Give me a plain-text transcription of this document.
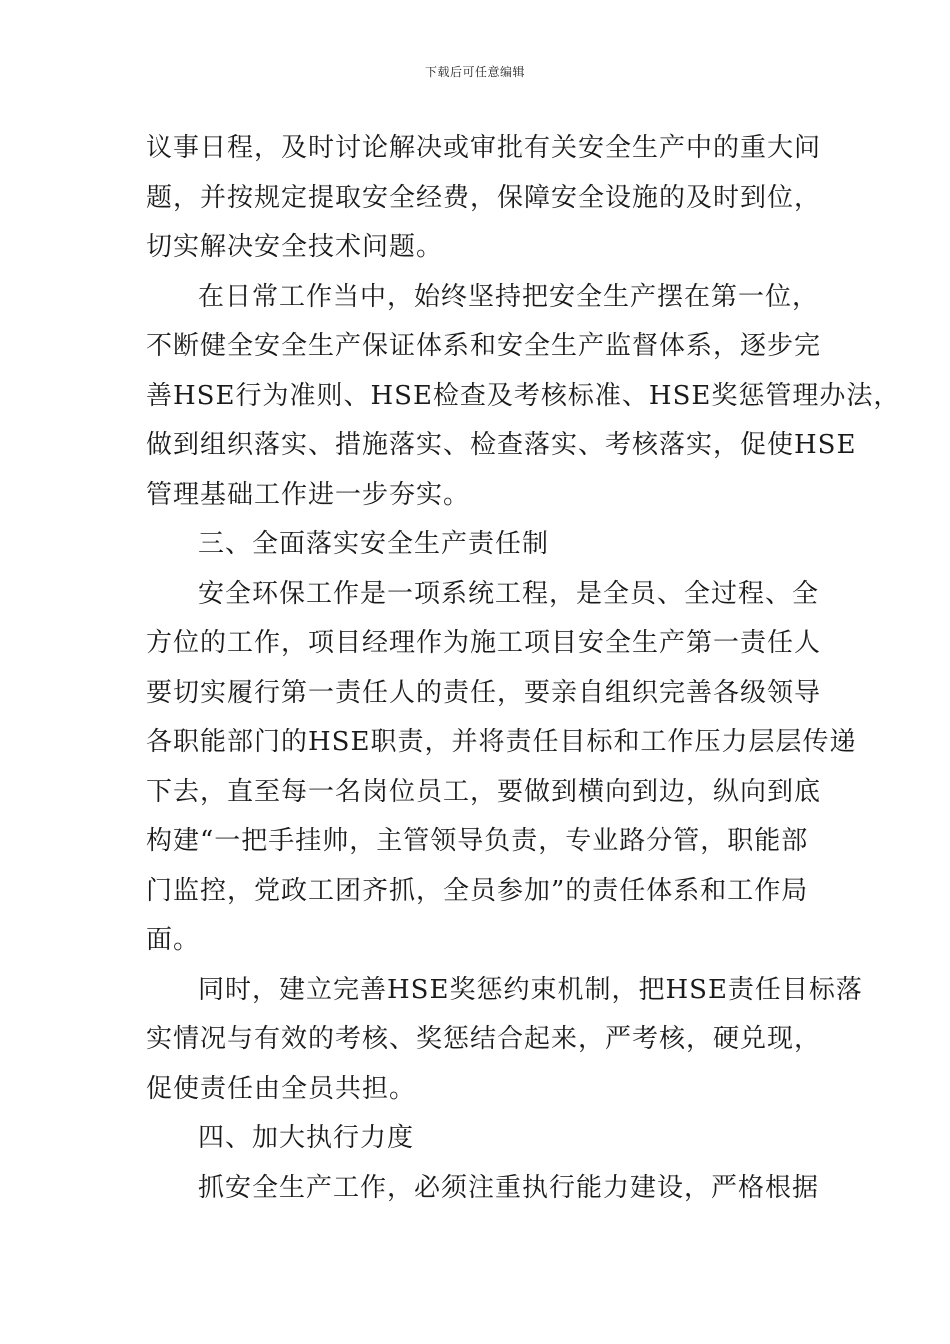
下载后可任意编辑
议事日程，及时讨论解决或审批有关安全生产中的重大问
题，并按规定提取安全经费，保障安全设施的及时到位，
切实解决安全技术问题。
在日常工作当中，始终坚持把安全生产摆在第一位，
不断健全安全生产保证体系和安全生产监督体系，逐步完
善HSE行为准则、HSE检查及考核标准、HSE奖惩管理办法，
做到组织落实、措施落实、检查落实、考核落实，促使HSE
管理基础工作进一步夯实。
三、全面落实安全生产责任制
安全环保工作是一项系统工程，是全员、全过程、全
方位的工作，项目经理作为施工项目安全生产第一责任人
要切实履行第一责任人的责任，要亲自组织完善各级领导
各职能部门的HSE职责，并将责任目标和工作压力层层传递
下去，直至每一名岗位员工，要做到横向到边，纵向到底
构建“一把手挂帅，主管领导负责，专业路分管，职能部
门监控，党政工团齐抓，全员参加”的责任体系和工作局
面。
同时，建立完善HSE奖惩约束机制，把HSE责任目标落
实情况与有效的考核、奖惩结合起来，严考核，硬兑现，
促使责任由全员共担。
四、加大执行力度
抓安全生产工作，必须注重执行能力建设，严格根据
